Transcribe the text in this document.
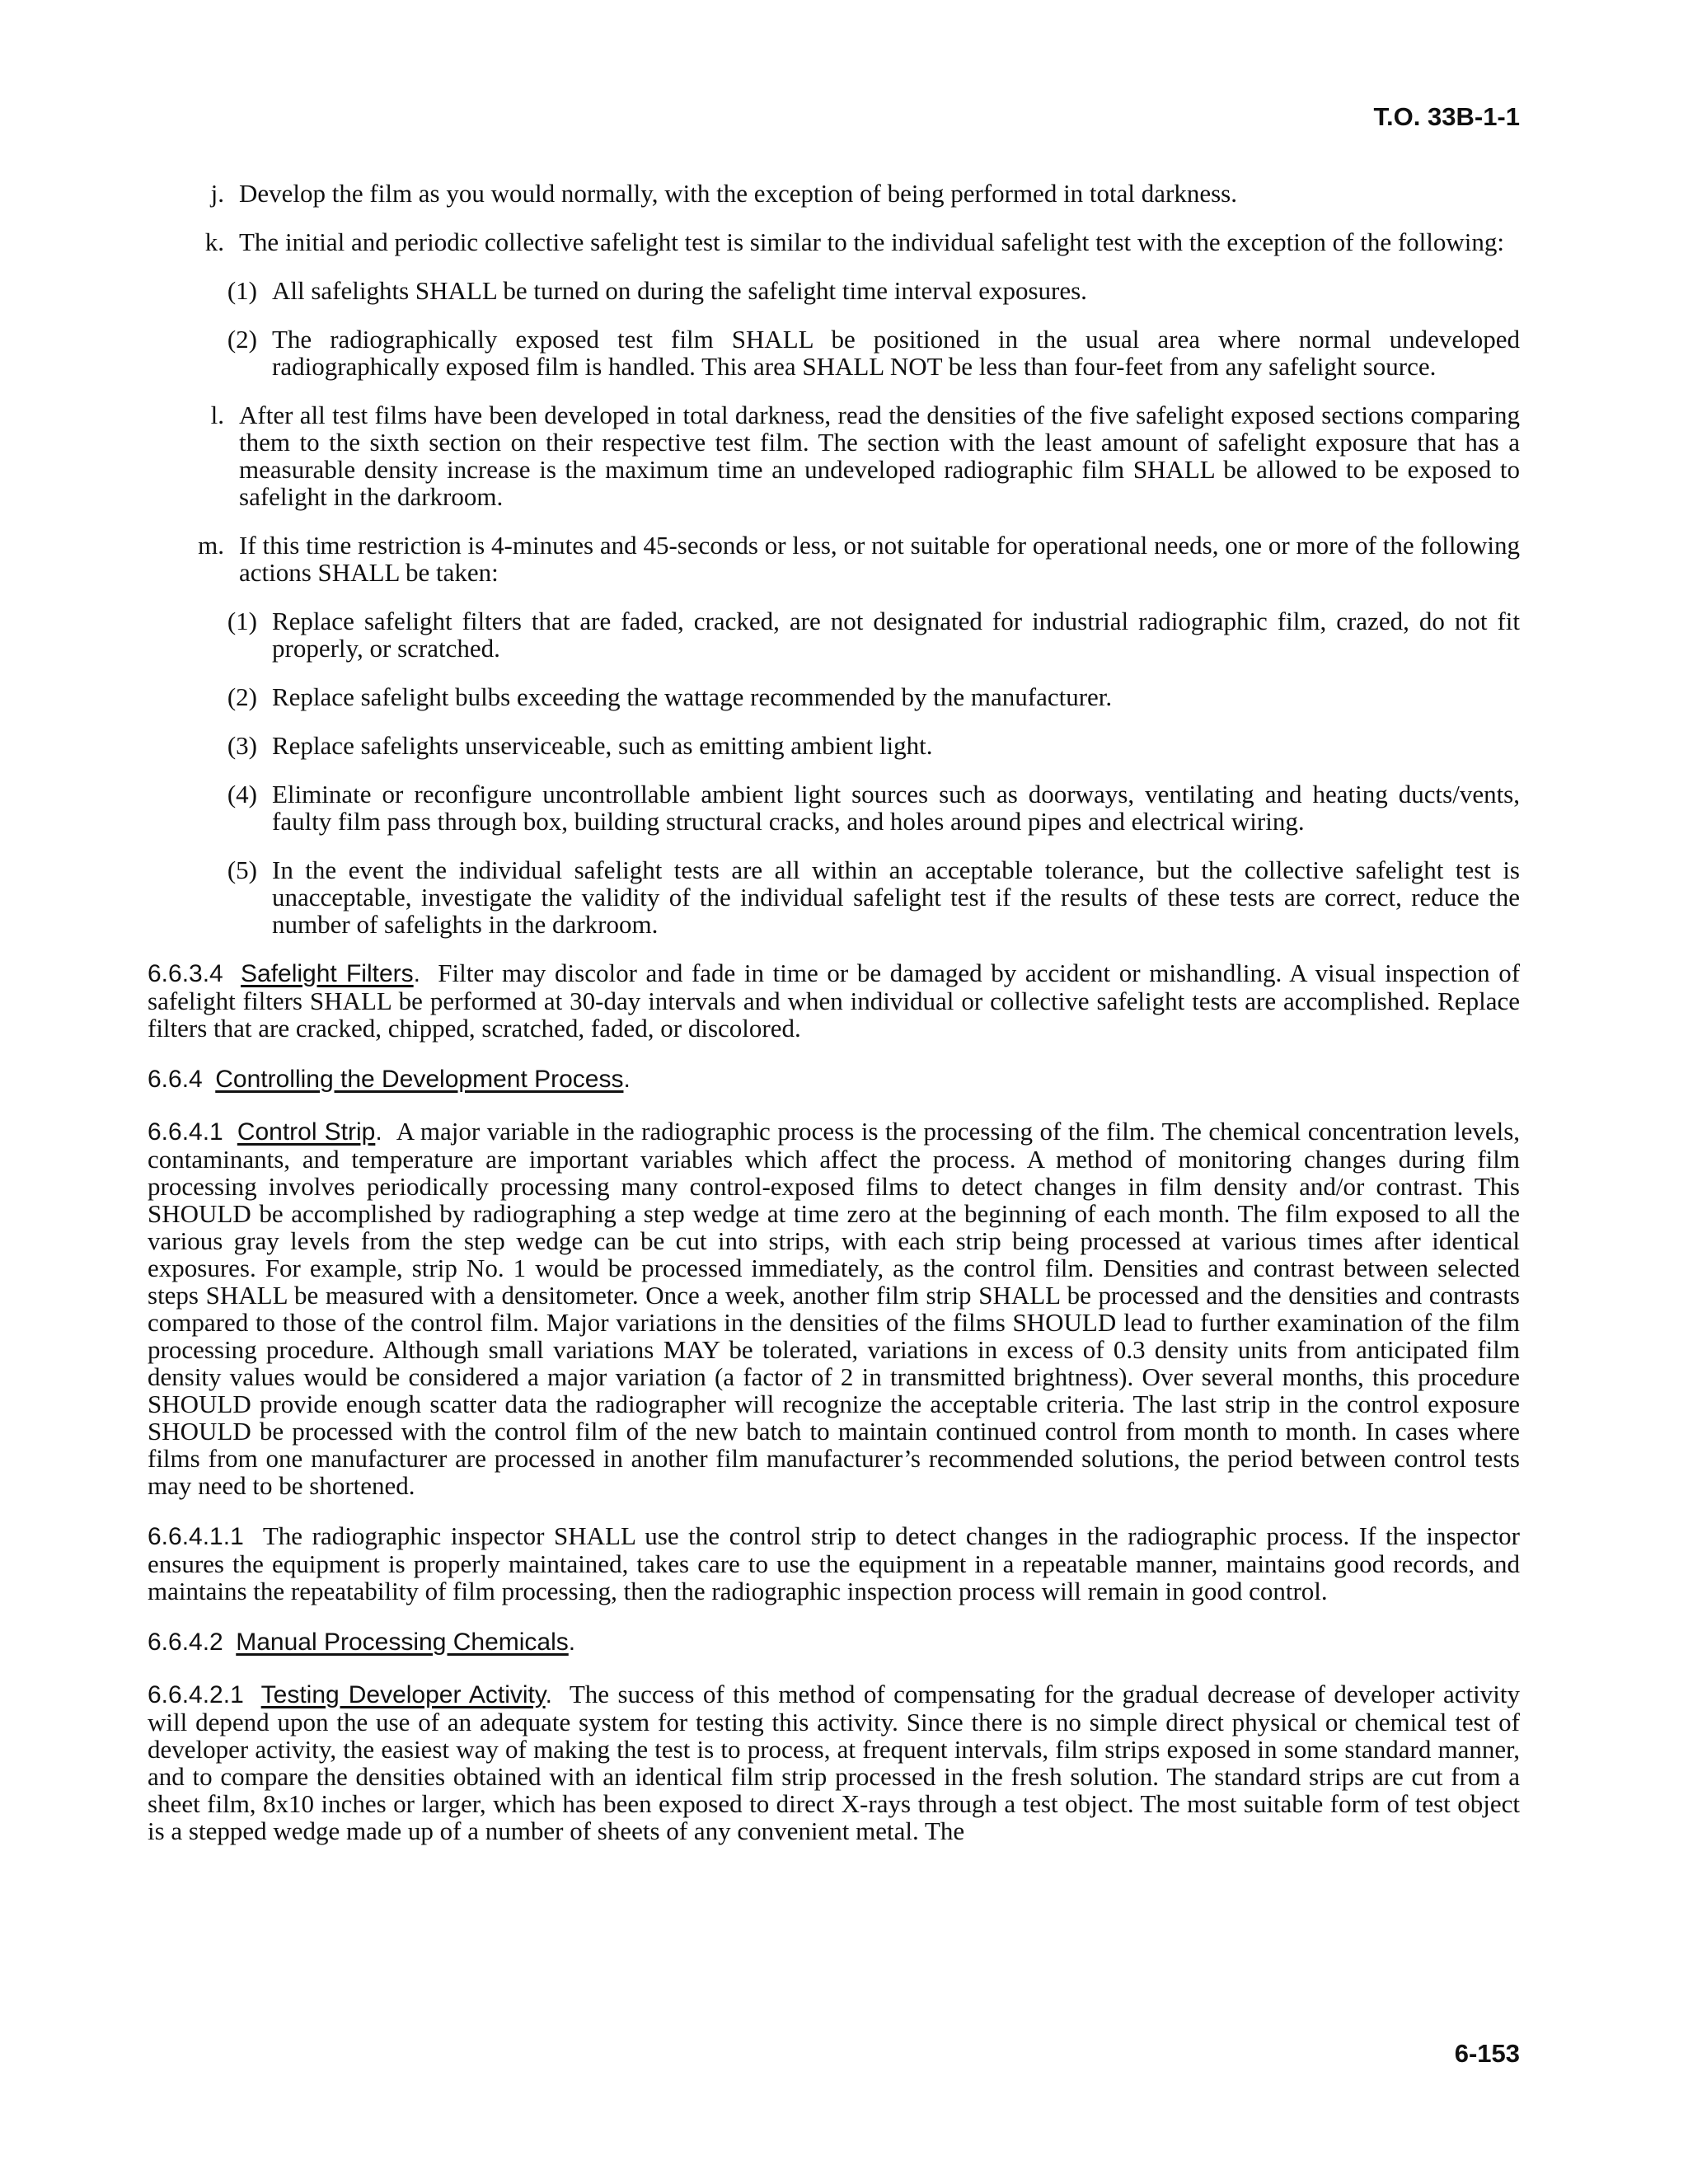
T.O. 33B-1-1
j. Develop the film as you would normally, with the exception of being performed in total darkness.
k. The initial and periodic collective safelight test is similar to the individual safelight test with the exception of the following:
(1) All safelights SHALL be turned on during the safelight time interval exposures.
(2) The radiographically exposed test film SHALL be positioned in the usual area where normal undeveloped radiographically exposed film is handled. This area SHALL NOT be less than four-feet from any safelight source.
l. After all test films have been developed in total darkness, read the densities of the five safelight exposed sections comparing them to the sixth section on their respective test film. The section with the least amount of safelight exposure that has a measurable density increase is the maximum time an undeveloped radiographic film SHALL be allowed to be exposed to safelight in the darkroom.
m. If this time restriction is 4-minutes and 45-seconds or less, or not suitable for operational needs, one or more of the following actions SHALL be taken:
(1) Replace safelight filters that are faded, cracked, are not designated for industrial radiographic film, crazed, do not fit properly, or scratched.
(2) Replace safelight bulbs exceeding the wattage recommended by the manufacturer.
(3) Replace safelights unserviceable, such as emitting ambient light.
(4) Eliminate or reconfigure uncontrollable ambient light sources such as doorways, ventilating and heating ducts/vents, faulty film pass through box, building structural cracks, and holes around pipes and electrical wiring.
(5) In the event the individual safelight tests are all within an acceptable tolerance, but the collective safelight test is unacceptable, investigate the validity of the individual safelight test if the results of these tests are correct, reduce the number of safelights in the darkroom.
6.6.3.4 Safelight Filters. Filter may discolor and fade in time or be damaged by accident or mishandling. A visual inspection of safelight filters SHALL be performed at 30-day intervals and when individual or collective safelight tests are accomplished. Replace filters that are cracked, chipped, scratched, faded, or discolored.
6.6.4 Controlling the Development Process.
6.6.4.1 Control Strip. A major variable in the radiographic process is the processing of the film. The chemical concentration levels, contaminants, and temperature are important variables which affect the process. A method of monitoring changes during film processing involves periodically processing many control-exposed films to detect changes in film density and/or contrast. This SHOULD be accomplished by radiographing a step wedge at time zero at the beginning of each month. The film exposed to all the various gray levels from the step wedge can be cut into strips, with each strip being processed at various times after identical exposures. For example, strip No. 1 would be processed immediately, as the control film. Densities and contrast between selected steps SHALL be measured with a densitometer. Once a week, another film strip SHALL be processed and the densities and contrasts compared to those of the control film. Major variations in the densities of the films SHOULD lead to further examination of the film processing procedure. Although small variations MAY be tolerated, variations in excess of 0.3 density units from anticipated film density values would be considered a major variation (a factor of 2 in transmitted brightness). Over several months, this procedure SHOULD provide enough scatter data the radiographer will recognize the acceptable criteria. The last strip in the control exposure SHOULD be processed with the control film of the new batch to maintain continued control from month to month. In cases where films from one manufacturer are processed in another film manufacturer’s recommended solutions, the period between control tests may need to be shortened.
6.6.4.1.1 The radiographic inspector SHALL use the control strip to detect changes in the radiographic process. If the inspector ensures the equipment is properly maintained, takes care to use the equipment in a repeatable manner, maintains good records, and maintains the repeatability of film processing, then the radiographic inspection process will remain in good control.
6.6.4.2 Manual Processing Chemicals.
6.6.4.2.1 Testing Developer Activity. The success of this method of compensating for the gradual decrease of developer activity will depend upon the use of an adequate system for testing this activity. Since there is no simple direct physical or chemical test of developer activity, the easiest way of making the test is to process, at frequent intervals, film strips exposed in some standard manner, and to compare the densities obtained with an identical film strip processed in the fresh solution. The standard strips are cut from a sheet film, 8x10 inches or larger, which has been exposed to direct X-rays through a test object. The most suitable form of test object is a stepped wedge made up of a number of sheets of any convenient metal. The
6-153
